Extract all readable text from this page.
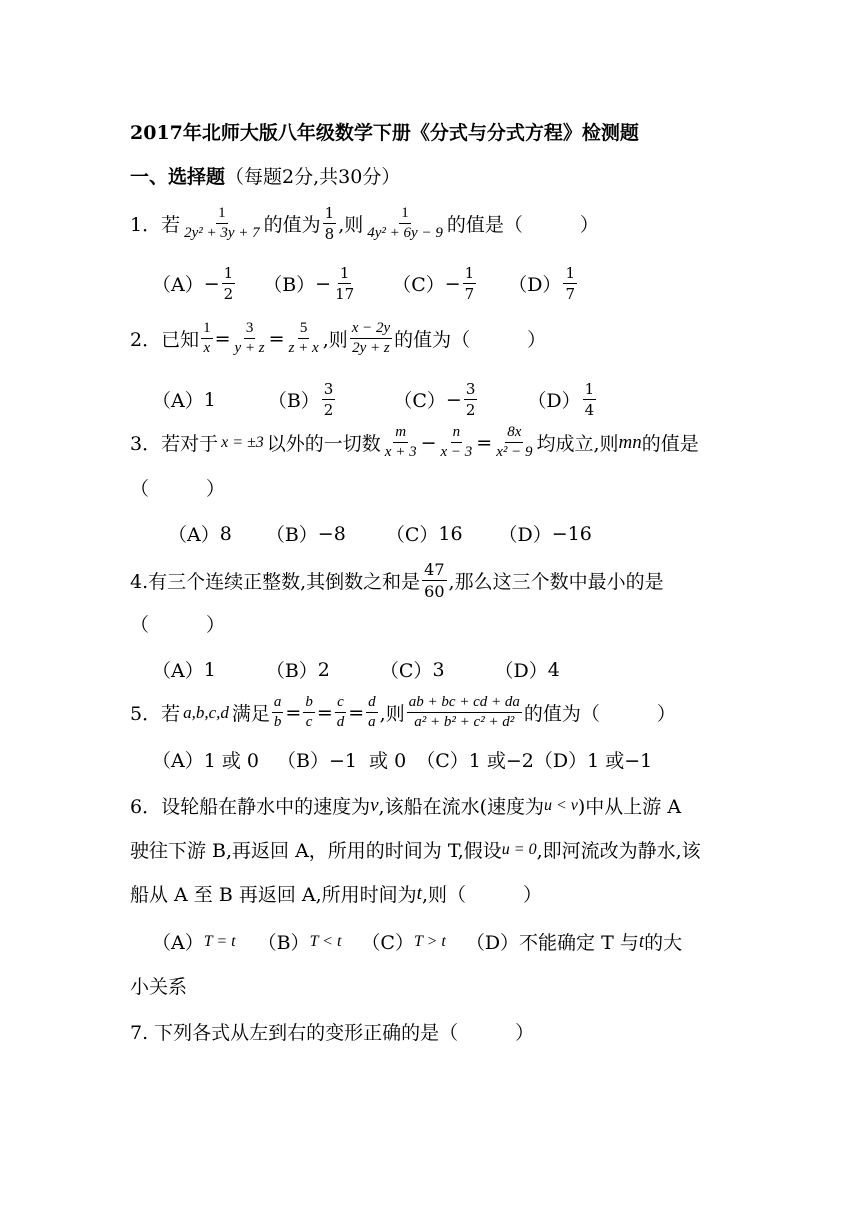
2017年北师大版八年级数学下册《分式与分式方程》检测题
一、选择题 （每题2分,共30分）
1．若 $\frac{1}{\text{2y² + 3y + 7}}$ 的值为 $\frac{1}{8}$ ,则 $\frac{1}{\text{4y² + 6y − 9}}$ 的值是（　　　）
$(A) - \frac{1}{2} (B) - \frac{1}{17} (C) - \frac{1}{7} (D) \frac{1}{7}$
2．已知 $\frac{1}{x} = \frac{3}{y + z} = \frac{5}{z + x}$ ,则 $\frac{x - 2y}{2y + z}$ 的值为（　　　）
（A） 1	$(B) \frac{3}{2}$	$(C) - \frac{3}{2}$	$(D) \frac{1}{4}$
3．若对于 x = ±3 以外的一切数 $\frac{m}{x + 3} - \frac{n}{x - 3} = \frac{8x}{\text{x² − 9}}$ 均成立,则 mn 的值是
（　　　）
（A） 8 （B） −8 （C） 16 （D） −16
4.有三个连续正整数,其倒数之和是 $\frac{47}{60}$ ,那么这三个数中最小的是
（　　　）
（A） 1	（B） 2	（C） 3	（D） 4
5．若 a,b,c,d 满足 $\frac{a}{b} = \frac{b}{c} = \frac{c}{d} = \frac{d}{a}$ ,则 $\frac{ab + bc + cd + da}{\text{a² + b² + c² + d²}}$ 的值为（　　　）
（A） 1 或 0 （B） −1  或 0 （C） 1 或−2 （D） 1 或−1
6．设轮船在静水中的速度为 v ,该船在流水(速度为 u < v )中从上游 A
驶往下游 B,再返回 A，所用的时间为 T,假设 u = 0 ,即河流改为静水,该
船从 A 至 B 再返回 A,所用时间为 t ,则（　　　）
（A） T = t （B） T < t （C） T > t （D）不能确定 T 与 t 的大
小关系
7. 下列各式从左到右的变形正确的是（　　　）
